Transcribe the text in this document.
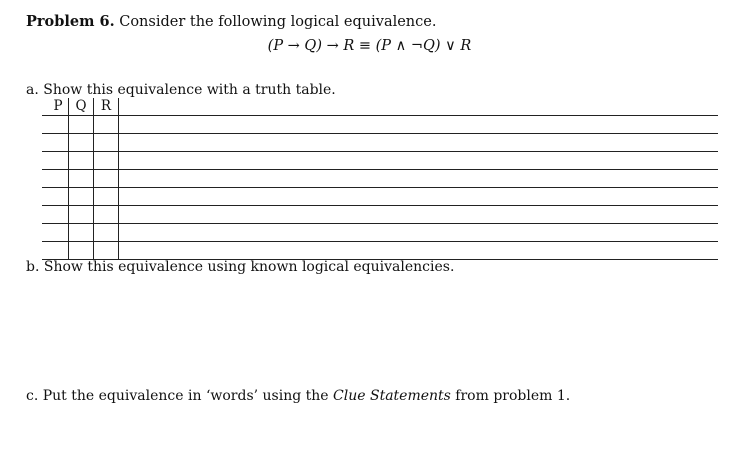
Problem 6. Consider the following logical equivalence.
(P → Q) → R ≡ (P ∧ ¬Q) ∨ R
a. Show this equivalence with a truth table.
P Q	R
b. Show this equivalence using known logical equivalencies.
c. Put the equivalence in ‘words’ using the Clue Statements from problem 1.
